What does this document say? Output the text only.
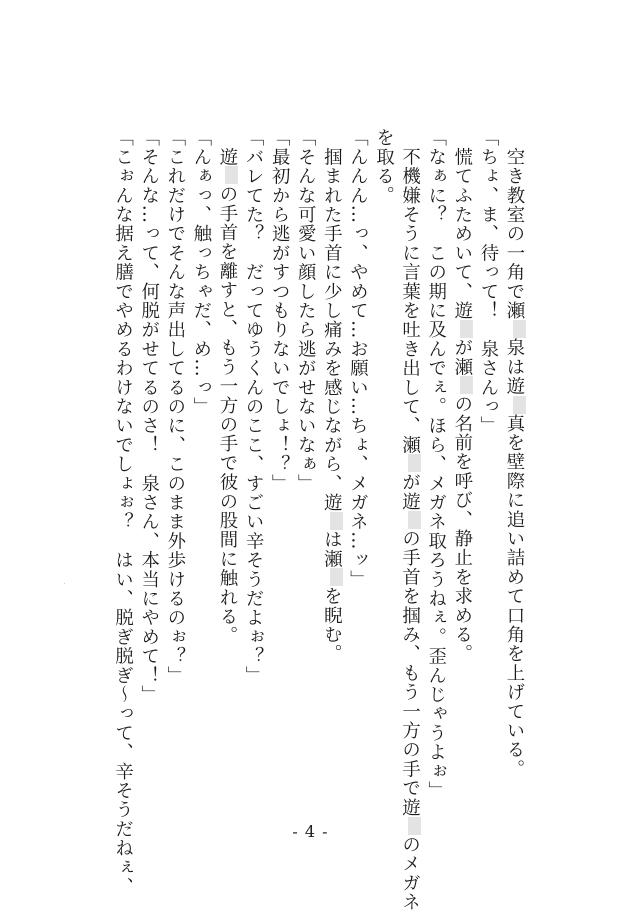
　空き教室の一角で瀬泉は遊真を壁際に追い詰めて口角を上げている。
「ちょ、ま、待って！　泉さんっ」
　慌てふためいて、遊が瀬の名前を呼び、静止を求める。
「なぁに？　この期に及んでぇ。ほら、メガネ取ろうねぇ。歪んじゃうよぉ」
　不機嫌そうに言葉を吐き出して、瀬が遊の手首を掴み、もう一方の手で遊のメガネ
を取る。
「んんん…っ、やめて…お願い…ちょ、メガネ…ッ」
　掴まれた手首に少し痛みを感じながら、遊は瀬を睨む。
「そんな可愛い顔したら逃がせないなぁ」
「最初から逃がすつもりないでしょ！？」
「バレてた？　だってゆうくんのここ、すごい辛そうだよぉ？」
　遊の手首を離すと、もう一方の手で彼の股間に触れる。
「んぁっ、触っちゃだ、め…っ」
「これだけでそんな声出してるのに、このまま外歩けるのぉ？」
「そんな…って、何脱がせてるのさ！　泉さん、本当にやめて！」
「こぉんな据え膳でやめるわけないでしょぉ？　はい、脱ぎ脱ぎ〜って、辛そうだねぇ、	- 4 -
